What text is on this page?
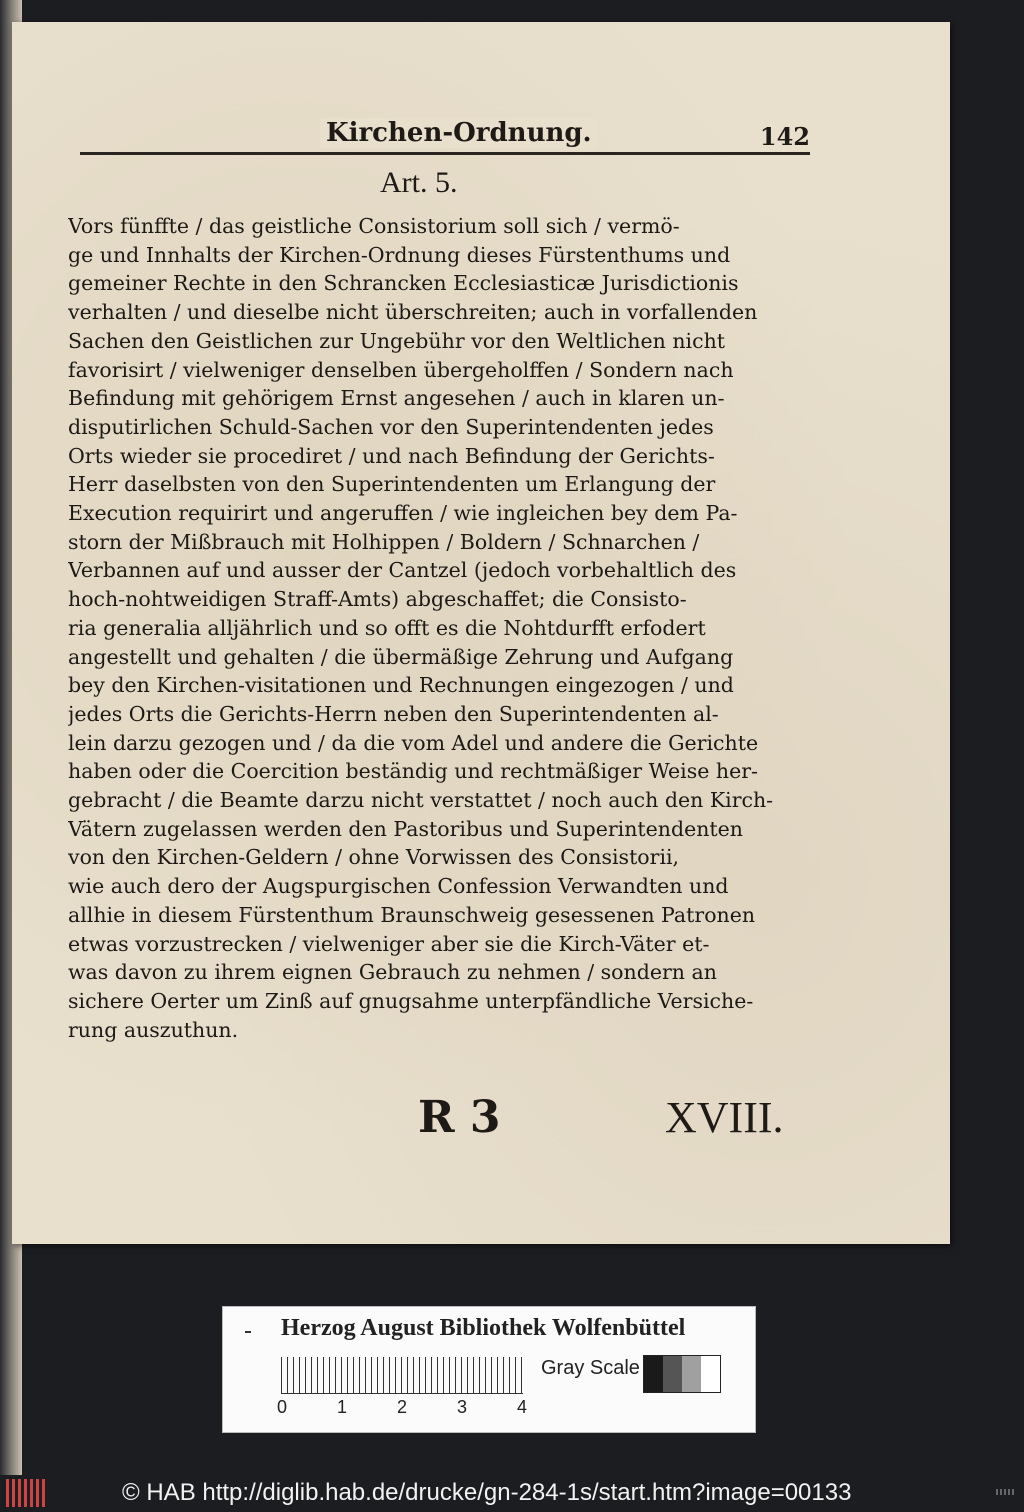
Kirchen-Ordnung.	142
Art. 5.
Vors fünffte / das geistliche Consistorium soll sich / vermö-
ge und Innhalts der Kirchen-Ordnung dieses Fürstenthums und
gemeiner Rechte in den Schrancken Ecclesiasticæ Jurisdictionis
verhalten / und dieselbe nicht überschreiten; auch in vorfallenden
Sachen den Geistlichen zur Ungebühr vor den Weltlichen nicht
favorisirt / vielweniger denselben übergeholffen / Sondern nach
Befindung mit gehörigem Ernst angesehen / auch in klaren un-
disputirlichen Schuld-Sachen vor den Superintendenten jedes
Orts wieder sie procediret / und nach Befindung der Gerichts-
Herr daselbsten von den Superintendenten um Erlangung der
Execution requirirt und angeruffen / wie ingleichen bey dem Pa-
storn der Mißbrauch mit Holhippen / Boldern / Schnarchen /
Verbannen auf und ausser der Cantzel (jedoch vorbehaltlich des
hoch-nohtweidigen Straff-Amts) abgeschaffet; die Consisto-
ria generalia alljährlich und so offt es die Nohtdurfft erfodert
angestellt und gehalten / die übermäßige Zehrung und Aufgang
bey den Kirchen-visitationen und Rechnungen eingezogen / und
jedes Orts die Gerichts-Herrn neben den Superintendenten al-
lein darzu gezogen und / da die vom Adel und andere die Gerichte
haben oder die Coercition beständig und rechtmäßiger Weise her-
gebracht / die Beamte darzu nicht verstattet / noch auch den Kirch-
Vätern zugelassen werden den Pastoribus und Superintendenten
von den Kirchen-Geldern / ohne Vorwissen des Consistorii,
wie auch dero der Augspurgischen Confession Verwandten und
allhie in diesem Fürstenthum Braunschweig gesessenen Patronen
etwas vorzustrecken / vielweniger aber sie die Kirch-Väter et-
was davon zu ihrem eignen Gebrauch zu nehmen / sondern an
sichere Oerter um Zinß auf gnugsahme unterpfändliche Versiche-
rung auszuthun.
R 3	XVIII.
Herzog August Bibliothek Wolfenbüttel
0	1	2	3	4
Gray Scale
© HAB http://diglib.hab.de/drucke/gn-284-1s/start.htm?image=00133
